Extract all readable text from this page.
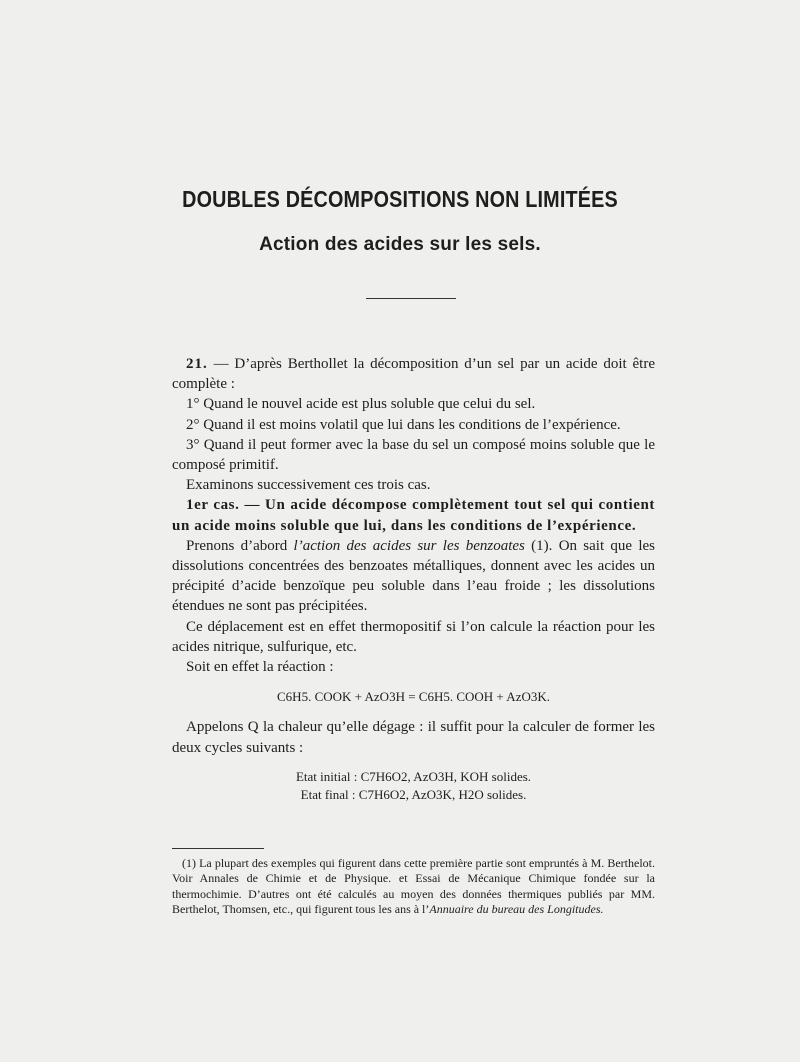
DOUBLES DÉCOMPOSITIONS NON LIMITÉES
Action des acides sur les sels.

21. — D’après Berthollet la décomposition d’un sel par un acide doit être complète :

1° Quand le nouvel acide est plus soluble que celui du sel.

2° Quand il est moins volatil que lui dans les conditions de l’expérience.

3° Quand il peut former avec la base du sel un composé moins soluble que le composé primitif.

Examinons successivement ces trois cas.

1er cas. — Un acide décompose complètement tout sel qui contient un acide moins soluble que lui, dans les conditions de l’expérience.

Prenons d’abord l’action des acides sur les benzoates (1). On sait que les dissolutions concentrées des benzoates métalliques, donnent avec les acides un précipité d’acide benzoïque peu soluble dans l’eau froide ; les dissolutions étendues ne sont pas précipitées.

Ce déplacement est en effet thermopositif si l’on calcule la réaction pour les acides nitrique, sulfurique, etc.

Soit en effet la réaction :

C6H5. COOK + AzO3H = C6H5. COOH + AzO3K.

Appelons Q la chaleur qu’elle dégage : il suffit pour la calculer de former les deux cycles suivants :

Etat initial : C7H6O2, AzO3H, KOH solides.

Etat final : C7H6O2, AzO3K, H2O solides.

(1) La plupart des exemples qui figurent dans cette première partie sont empruntés à M. Berthelot. Voir Annales de Chimie et de Physique. et Essai de Mécanique Chimique fondée sur la thermochimie. D’autres ont été calculés au moyen des données thermiques publiés par MM. Berthelot, Thomsen, etc., qui figurent tous les ans à l’Annuaire du bureau des Longitudes.
